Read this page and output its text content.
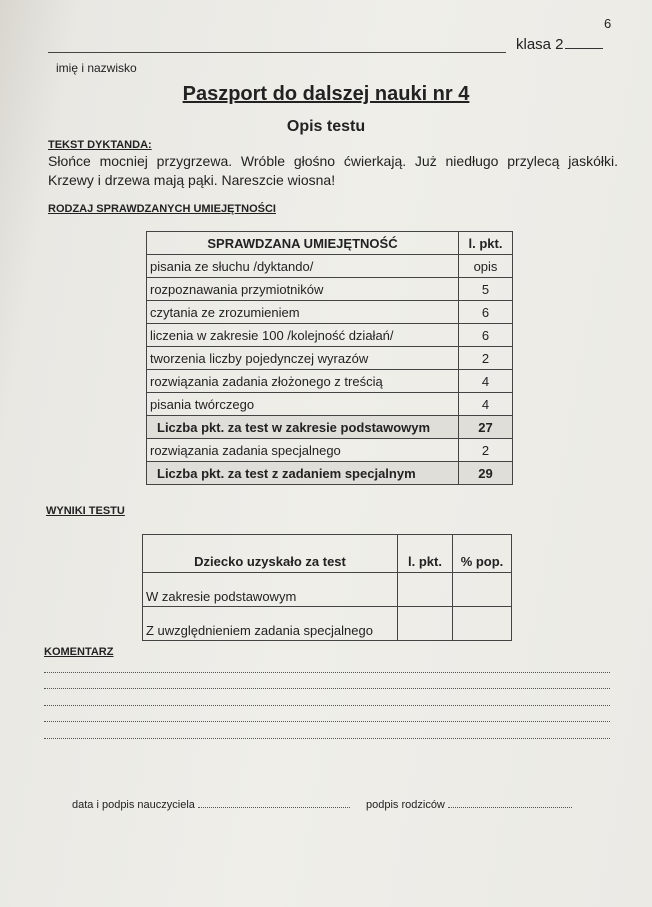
6
klasa 2
imię i nazwisko
Paszport do dalszej nauki nr 4
Opis testu
TEKST DYKTANDA:
Słońce mocniej przygrzewa. Wróble głośno ćwierkają. Już niedługo przylecą jaskółki.
Krzewy i drzewa mają pąki. Nareszcie wiosna!
RODZAJ SPRAWDZANYCH UMIEJĘTNOŚCI
SPRAWDZANA UMIEJĘTNOŚĆ	l. pkt.
pisania ze słuchu /dyktando/	opis
rozpoznawania przymiotników	5
czytania ze zrozumieniem	6
liczenia w zakresie 100 /kolejność działań/	6
tworzenia liczby pojedynczej wyrazów	2
rozwiązania zadania złożonego z treścią	4
pisania twórczego	4
Liczba pkt. za test w zakresie podstawowym	27
rozwiązania zadania specjalnego	2
Liczba pkt. za test z zadaniem specjalnym	29
WYNIKI TESTU
Dziecko uzyskało za test	l. pkt.	% pop.
W zakresie podstawowym		
Z uwzględnieniem zadania specjalnego		
KOMENTARZ
data i podpis nauczyciela	podpis rodziców
